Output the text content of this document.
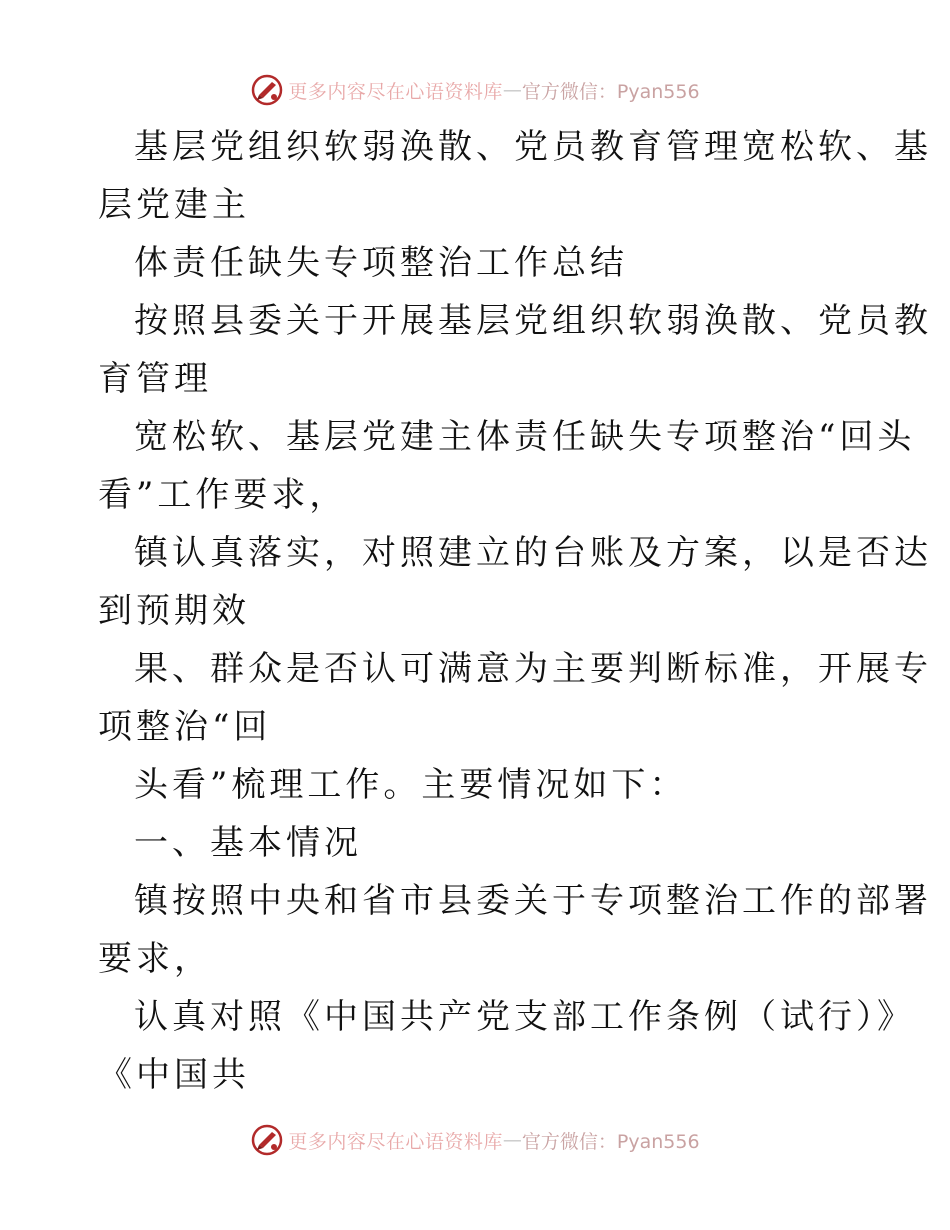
更多内容尽在心语资料库 — 官方微信：Pyan556
基层党组织软弱涣散、党员教育管理宽松软、基
层党建主
体责任缺失专项整治工作总结
按照县委关于开展基层党组织软弱涣散、党员教
育管理
宽松软、基层党建主体责任缺失专项整治“回头
看”工作要求，
镇认真落实，对照建立的台账及方案，以是否达
到预期效
果、群众是否认可满意为主要判断标准，开展专
项整治“回
头看”梳理工作。主要情况如下：
一、基本情况
镇按照中央和省市县委关于专项整治工作的部署
要求，
认真对照《中国共产党支部工作条例（试行）》
《中国共
更多内容尽在心语资料库 — 官方微信：Pyan556
